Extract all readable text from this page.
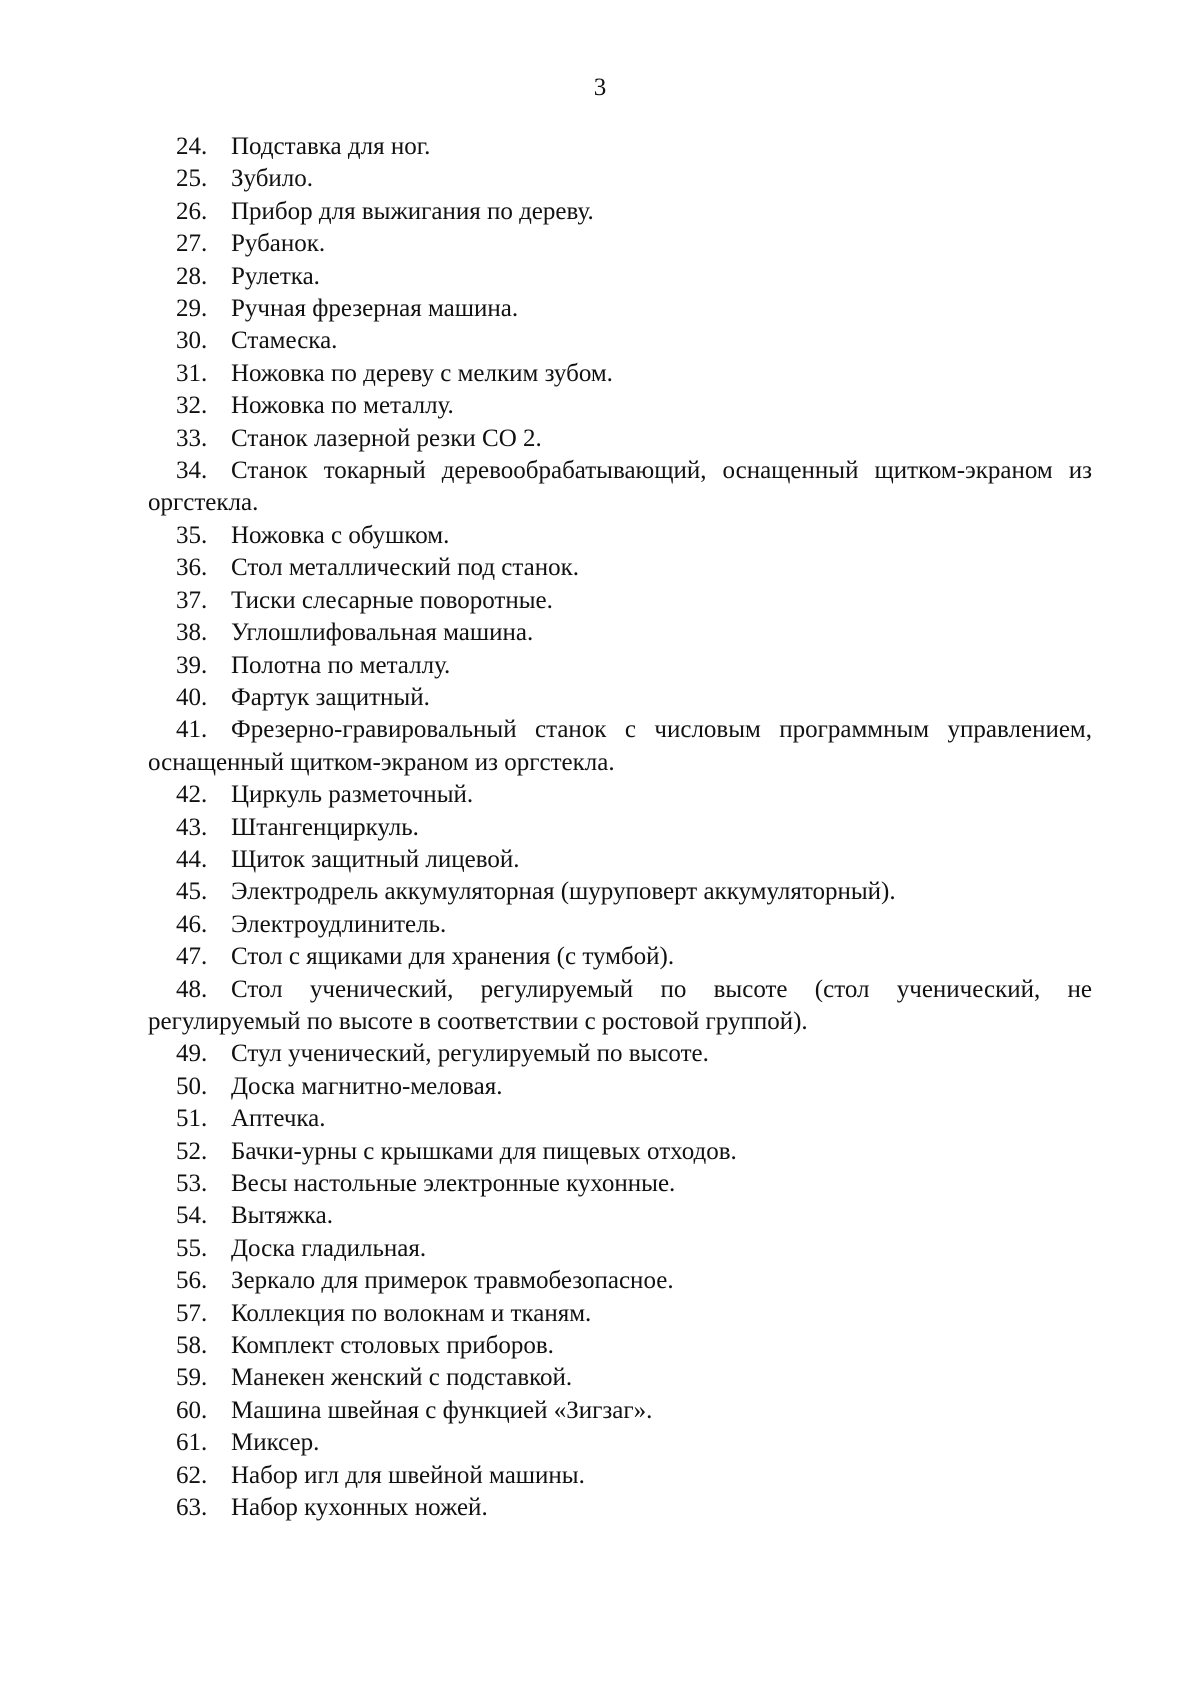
3

24. Подставка для ног.

25. Зубило.

26. Прибор для выжигания по дереву.

27. Рубанок.

28. Рулетка.

29. Ручная фрезерная машина.

30. Стамеска.

31. Ножовка по дереву с мелким зубом.

32. Ножовка по металлу.

33. Станок лазерной резки СО 2.

34. Станок токарный деревообрабатывающий, оснащенный щитком-экраном из оргстекла.

35. Ножовка с обушком.

36. Стол металлический под станок.

37. Тиски слесарные поворотные.

38. Углошлифовальная машина.

39. Полотна по металлу.

40. Фартук защитный.

41. Фрезерно-гравировальный станок с числовым программным управлением, оснащенный щитком-экраном из оргстекла.

42. Циркуль разметочный.

43. Штангенциркуль.

44. Щиток защитный лицевой.

45. Электродрель аккумуляторная (шуруповерт аккумуляторный).

46. Электроудлинитель.

47. Стол с ящиками для хранения (с тумбой).

48. Стол ученический, регулируемый по высоте (стол ученический, не регулируемый по высоте в соответствии с ростовой группой).

49. Стул ученический, регулируемый по высоте.

50. Доска магнитно-меловая.

51. Аптечка.

52. Бачки-урны с крышками для пищевых отходов.

53. Весы настольные электронные кухонные.

54. Вытяжка.

55. Доска гладильная.

56. Зеркало для примерок травмобезопасное.

57. Коллекция по волокнам и тканям.

58. Комплект столовых приборов.

59. Манекен женский с подставкой.

60. Машина швейная с функцией «Зигзаг».

61. Миксер.

62. Набор игл для швейной машины.

63. Набор кухонных ножей.
